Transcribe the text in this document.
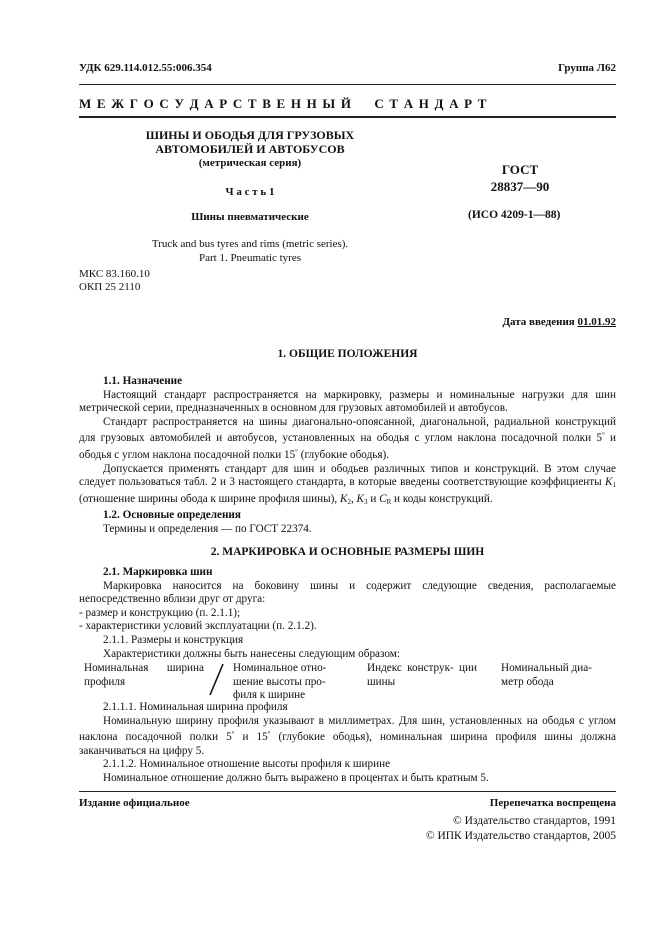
УДК 629.114.012.55:006.354	Группа Л62
М Е Ж Г О С У Д А Р С Т В Е Н Н Ы Й     С Т А Н Д А Р Т
ШИНЫ И ОБОДЬЯ ДЛЯ ГРУЗОВЫХ
АВТОМОБИЛЕЙ И АВТОБУСОВ
(метрическая серия)
Ч а с т ь 1
Шины пневматические
Truck and bus tyres and rims (metric series).
Part 1. Pneumatic tyres
ГОСТ
28837—90
(ИСО 4209-1—88)
МКС 83.160.10
ОКП 25 2110
Дата введения 01.01.92
1. ОБЩИЕ ПОЛОЖЕНИЯ

1.1. Назначение

Настоящий стандарт распространяется на маркировку, размеры и номинальные нагрузки для шин метрической серии, предназначенных в основном для грузовых автомобилей и автобусов.

Стандарт распространяется на шины диагонально-опоясанной, диагональной, радиальной конструкций для грузовых автомобилей и автобусов, установленных на ободья с углом наклона посадочной полки 5° и ободья с углом наклона посадочной полки 15° (глубокие ободья).

Допускается применять стандарт для шин и ободьев различных типов и конструкций. В этом случае следует пользоваться табл. 2 и 3 настоящего стандарта, в которые введены соответствующие коэффициенты $K_1$ (отношение ширины обода к ширине профиля шины), $K_2$, $K_3$ и $C_R$ и коды конструкций.

1.2. Основные определения

Термины и определения — по ГОСТ 22374.

2. МАРКИРОВКА И ОСНОВНЫЕ РАЗМЕРЫ ШИН

2.1. Маркировка шин

Маркировка наносится на боковину шины и содержит следующие сведения, располагаемые непосредственно вблизи друг от друга:

- размер и конструкцию (п. 2.1.1);

- характеристики условий эксплуатации (п. 2.1.2).

2.1.1. Размеры и конструкция

Характеристики должны быть нанесены следующим образом:

Номинальная ширина профиля
Номинальное отно- шение высоты про- филя к ширине
Индекс конструк- ции шины
Номинальный диа- метр обода

2.1.1.1. Номинальная ширина профиля

Номинальную ширину профиля указывают в миллиметрах. Для шин, установленных на ободья с углом наклона посадочной полки 5° и 15° (глубокие ободья), номинальная ширина профиля шины должна заканчиваться на цифру 5.

2.1.1.2. Номинальное отношение высоты профиля к ширине

Номинальное отношение должно быть выражено в процентах и быть кратным 5.

Издание официальное	Перепечатка воспрещена
© Издательство стандартов, 1991
© ИПК Издательство стандартов, 2005
